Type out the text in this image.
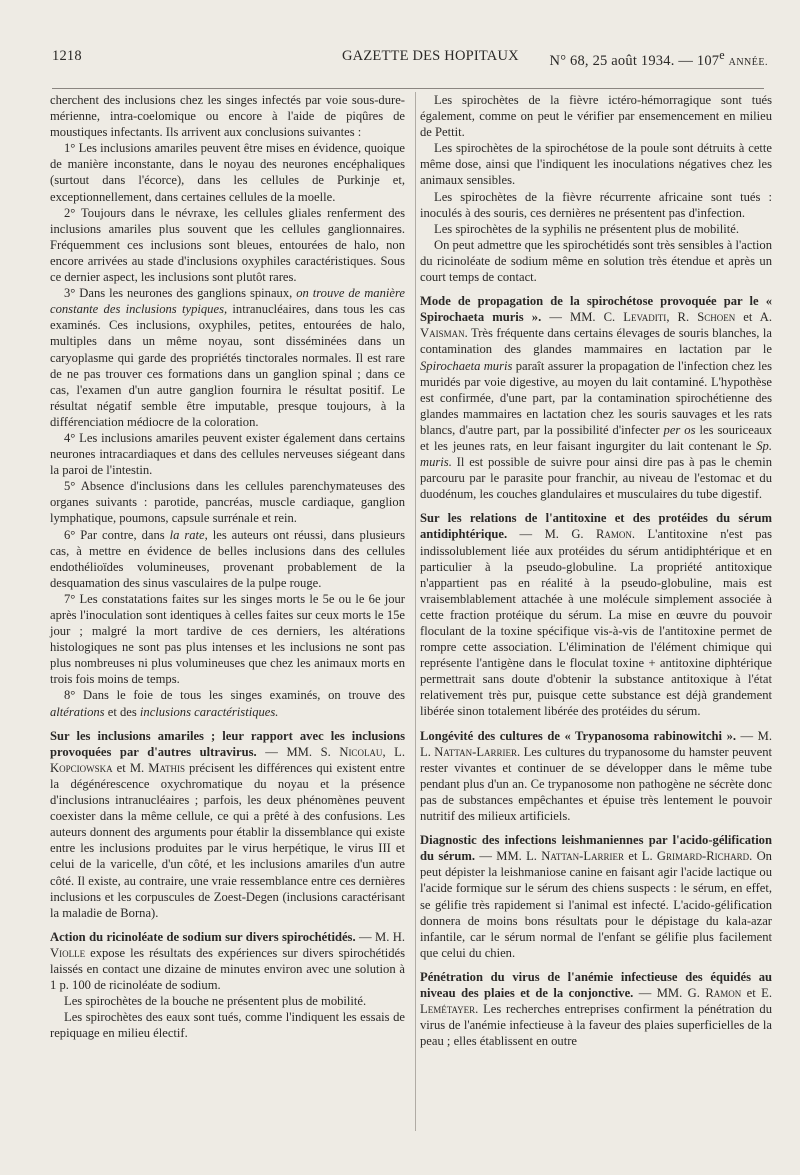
1218	GAZETTE DES HOPITAUX N° 68, 25 août 1934. — 107e ANNÉE.

cherchent des inclusions chez les singes infectés par voie sous-dure-mérienne, intra-coelomique ou encore à l'aide de piqûres de moustiques infectants. Ils arrivent aux conclusions suivantes :

1° Les inclusions amariles peuvent être mises en évidence, quoique de manière inconstante, dans le noyau des neurones encéphaliques (surtout dans l'écorce), dans les cellules de Purkinje et, exceptionnellement, dans certaines cellules de la moelle.

2° Toujours dans le névraxe, les cellules gliales renferment des inclusions amariles plus souvent que les cellules ganglionnaires. Fréquemment ces inclusions sont bleues, entourées de halo, non encore arrivées au stade d'inclusions oxyphiles caractéristiques. Sous ce dernier aspect, les inclusions sont plutôt rares.

3° Dans les neurones des ganglions spinaux, on trouve de manière constante des inclusions typiques, intranucléaires, dans tous les cas examinés. Ces inclusions, oxyphiles, petites, entourées de halo, multiples dans un même noyau, sont disséminées dans un caryoplasme qui garde des propriétés tinctorales normales. Il est rare de ne pas trouver ces formations dans un ganglion spinal ; dans ce cas, l'examen d'un autre ganglion fournira le résultat positif. Le résultat négatif semble être imputable, presque toujours, à la différenciation médiocre de la coloration.

4° Les inclusions amariles peuvent exister également dans certains neurones intracardiaques et dans des cellules nerveuses siégeant dans la paroi de l'intestin.

5° Absence d'inclusions dans les cellules parenchymateuses des organes suivants : parotide, pancréas, muscle cardiaque, ganglion lymphatique, poumons, capsule surrénale et rein.

6° Par contre, dans la rate, les auteurs ont réussi, dans plusieurs cas, à mettre en évidence de belles inclusions dans des cellules endothélioïdes volumineuses, provenant probablement de la desquamation des sinus vasculaires de la pulpe rouge.

7° Les constatations faites sur les singes morts le 5e ou le 6e jour après l'inoculation sont identiques à celles faites sur ceux morts le 15e jour ; malgré la mort tardive de ces derniers, les altérations histologiques ne sont pas plus intenses et les inclusions ne sont pas plus nombreuses ni plus volumineuses que chez les animaux morts en trois fois moins de temps.

8° Dans le foie de tous les singes examinés, on trouve des altérations et des inclusions caractéristiques.

Sur les inclusions amariles ; leur rapport avec les inclusions provoquées par d'autres ultravirus. — MM. S. Nicolau, L. Kopciowska et M. Mathis précisent les différences qui existent entre la dégénérescence oxychromatique du noyau et la présence d'inclusions intranucléaires ; parfois, les deux phénomènes peuvent coexister dans la même cellule, ce qui a prêté à des confusions. Les auteurs donnent des arguments pour établir la dissemblance qui existe entre les inclusions produites par le virus herpétique, le virus III et celui de la varicelle, d'un côté, et les inclusions amariles d'un autre côté. Il existe, au contraire, une vraie ressemblance entre ces dernières inclusions et les corpuscules de Zoest-Degen (inclusions caractérisant la maladie de Borna).

Action du ricinoléate de sodium sur divers spirochétidés. — M. H. Violle expose les résultats des expériences sur divers spirochétidés laissés en contact une dizaine de minutes environ avec une solution à 1 p. 100 de ricinoléate de sodium.

Les spirochètes de la bouche ne présentent plus de mobilité.

Les spirochètes des eaux sont tués, comme l'indiquent les essais de repiquage en milieu électif.

Les spirochètes de la fièvre ictéro-hémorragique sont tués également, comme on peut le vérifier par ensemencement en milieu de Pettit.

Les spirochètes de la spirochétose de la poule sont détruits à cette même dose, ainsi que l'indiquent les inoculations négatives chez les animaux sensibles.

Les spirochètes de la fièvre récurrente africaine sont tués : inoculés à des souris, ces dernières ne présentent pas d'infection.

Les spirochètes de la syphilis ne présentent plus de mobilité.

On peut admettre que les spirochétidés sont très sensibles à l'action du ricinoléate de sodium même en solution très étendue et après un court temps de contact.

Mode de propagation de la spirochétose provoquée par le « Spirochaeta muris ». — MM. C. Levaditi, R. Schoen et A. Vaisman. Très fréquente dans certains élevages de souris blanches, la contamination des glandes mammaires en lactation par le Spirochaeta muris paraît assurer la propagation de l'infection chez les muridés par voie digestive, au moyen du lait contaminé. L'hypothèse est confirmée, d'une part, par la contamination spirochétienne des glandes mammaires en lactation chez les souris sauvages et les rats blancs, d'autre part, par la possibilité d'infecter per os les souriceaux et les jeunes rats, en leur faisant ingurgiter du lait contenant le Sp. muris. Il est possible de suivre pour ainsi dire pas à pas le chemin parcouru par le parasite pour franchir, au niveau de l'estomac et du duodénum, les couches glandulaires et musculaires du tube digestif.

Sur les relations de l'antitoxine et des protéides du sérum antidiphtérique. — M. G. Ramon. L'antitoxine n'est pas indissolublement liée aux protéides du sérum antidiphtérique et en particulier à la pseudo-globuline. La propriété antitoxique n'appartient pas en réalité à la pseudo-globuline, mais est vraisemblablement attachée à une molécule simplement associée à cette fraction protéique du sérum. La mise en œuvre du pouvoir floculant de la toxine spécifique vis-à-vis de l'antitoxine permet de rompre cette association. L'élimination de l'élément chimique qui représente l'antigène dans le floculat toxine + antitoxine diphtérique permettrait sans doute d'obtenir la substance antitoxique à l'état relativement très pur, puisque cette substance est déjà grandement libérée sinon totalement libérée des protéides du sérum.

Longévité des cultures de « Trypanosoma rabinowitchi ». — M. L. Nattan-Larrier. Les cultures du trypanosome du hamster peuvent rester vivantes et continuer de se développer dans le même tube pendant plus d'un an. Ce trypanosome non pathogène ne sécrète donc pas de substances empêchantes et épuise très lentement le pouvoir nutritif des milieux artificiels.

Diagnostic des infections leishmaniennes par l'acido-gélification du sérum. — MM. L. Nattan-Larrier et L. Grimard-Richard. On peut dépister la leishmaniose canine en faisant agir l'acide lactique ou l'acide formique sur le sérum des chiens suspects : le sérum, en effet, se gélifie très rapidement si l'animal est infecté. L'acido-gélification donnera de moins bons résultats pour le dépistage du kala-azar infantile, car le sérum normal de l'enfant se gélifie plus facilement que celui du chien.

Pénétration du virus de l'anémie infectieuse des équidés au niveau des plaies et de la conjonctive. — MM. G. Ramon et E. Lemétayer. Les recherches entreprises confirment la pénétration du virus de l'anémie infectieuse à la faveur des plaies superficielles de la peau ; elles établissent en outre
